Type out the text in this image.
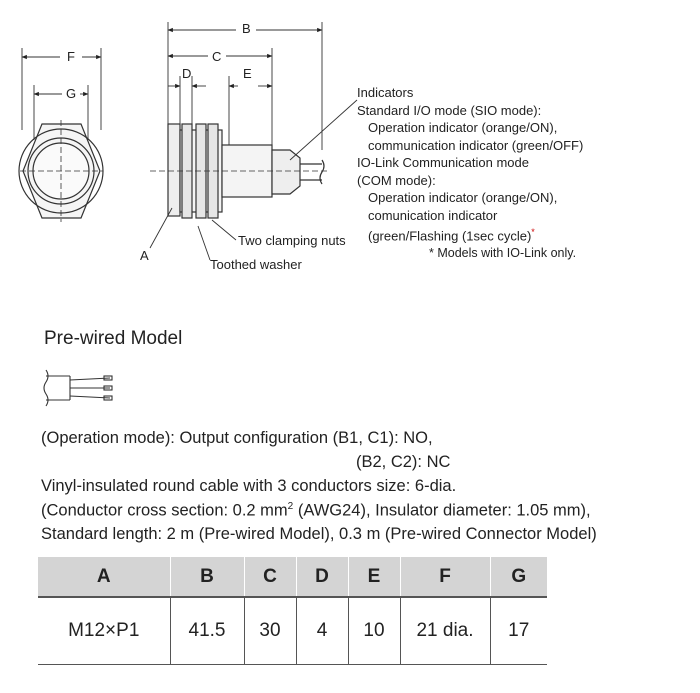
B
C
D	E
F
G
A
Two clamping nuts
Toothed washer
Indicators
Standard I/O mode (SIO mode):
Operation indicator (orange/ON),
communication indicator (green/OFF)
IO-Link Communication mode
(COM mode):
Operation indicator (orange/ON),
comunication indicator
(green/Flashing (1sec cycle)*
* Models with IO-Link only.
Pre-wired Model
(Operation mode): Output configuration (B1, C1): NO,
(B2, C2): NC
Vinyl-insulated round cable with 3 conductors size: 6-dia.
(Conductor cross section: 0.2 $mm^2$ (AWG24), Insulator diameter: 1.05 mm),
Standard length: 2 m (Pre-wired Model), 0.3 m (Pre-wired Connector Model)
A	B	C	D	E	F	G
M12×P1	41.5	30	4	10	21 dia.	17
